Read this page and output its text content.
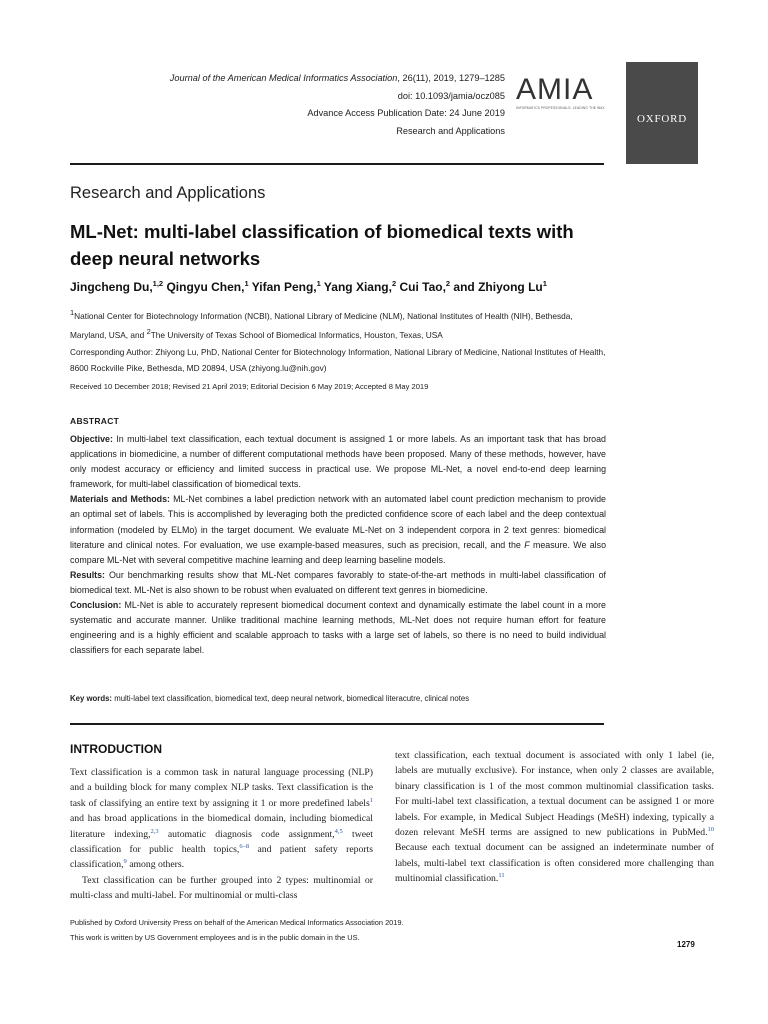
Journal of the American Medical Informatics Association, 26(11), 2019, 1279–1285
doi: 10.1093/jamia/ocz085
Advance Access Publication Date: 24 June 2019
Research and Applications
AMIA
INFORMATICS PROFESSIONALS. LEADING THE WAY.
OXFORD
Research and Applications
ML-Net: multi-label classification of biomedical texts with deep neural networks
Jingcheng Du,$^{1,2}$ Qingyu Chen,$^1$ Yifan Peng,$^1$ Yang Xiang,$^2$ Cui Tao,$^2$ and Zhiyong Lu$^1$
$^1$National Center for Biotechnology Information (NCBI), National Library of Medicine (NLM), National Institutes of Health (NIH), Bethesda, Maryland, USA, and $^2$The University of Texas School of Biomedical Informatics, Houston, Texas, USA
Corresponding Author: Zhiyong Lu, PhD, National Center for Biotechnology Information, National Library of Medicine, National Institutes of Health, 8600 Rockville Pike, Bethesda, MD 20894, USA (zhiyong.lu@nih.gov)
Received 10 December 2018; Revised 21 April 2019; Editorial Decision 6 May 2019; Accepted 8 May 2019
ABSTRACT
Objective: In multi-label text classification, each textual document is assigned 1 or more labels. As an important task that has broad applications in biomedicine, a number of different computational methods have been proposed. Many of these methods, however, have only modest accuracy or efficiency and limited success in practical use. We propose ML-Net, a novel end-to-end deep learning framework, for multi-label classification of biomedical texts.
Materials and Methods: ML-Net combines a label prediction network with an automated label count prediction mechanism to provide an optimal set of labels. This is accomplished by leveraging both the predicted confidence score of each label and the deep contextual information (modeled by ELMo) in the target document. We evaluate ML-Net on 3 independent corpora in 2 text genres: biomedical literature and clinical notes. For evaluation, we use example-based measures, such as precision, recall, and the F measure. We also compare ML-Net with several competitive machine learning and deep learning baseline models.
Results: Our benchmarking results show that ML-Net compares favorably to state-of-the-art methods in multi-label classification of biomedical text. ML-Net is also shown to be robust when evaluated on different text genres in biomedicine.
Conclusion: ML-Net is able to accurately represent biomedical document context and dynamically estimate the label count in a more systematic and accurate manner. Unlike traditional machine learning methods, ML-Net does not require human effort for feature engineering and is a highly efficient and scalable approach to tasks with a large set of labels, so there is no need to build individual classifiers for each separate label.
Key words: multi-label text classification, biomedical text, deep neural network, biomedical literacutre, clinical notes
INTRODUCTION

Text classification is a common task in natural language processing (NLP) and a building block for many complex NLP tasks. Text classification is the task of classifying an entire text by assigning it 1 or more predefined labels$^1$ and has broad applications in the biomedical domain, including biomedical literature indexing,$^{2,3}$ automatic diagnosis code assignment,$^{4,5}$ tweet classification for public health topics,$^{6-8}$ and patient safety reports classification,$^9$ among others.

Text classification can be further grouped into 2 types: multinomial or multi-class and multi-label. For multinomial or multi-class

text classification, each textual document is associated with only 1 label (ie, labels are mutually exclusive). For instance, when only 2 classes are available, binary classification is 1 of the most common multinomial classification tasks. For multi-label text classification, a textual document can be assigned 1 or more labels. For example, in Medical Subject Headings (MeSH) indexing, typically a dozen relevant MeSH terms are assigned to new publications in PubMed.$^{10}$ Because each textual document can be assigned an indeterminate number of labels, multi-label text classification is often considered more challenging than multinomial classification.$^{11}$

Published by Oxford University Press on behalf of the American Medical Informatics Association 2019.
This work is written by US Government employees and is in the public domain in the US.
1279
